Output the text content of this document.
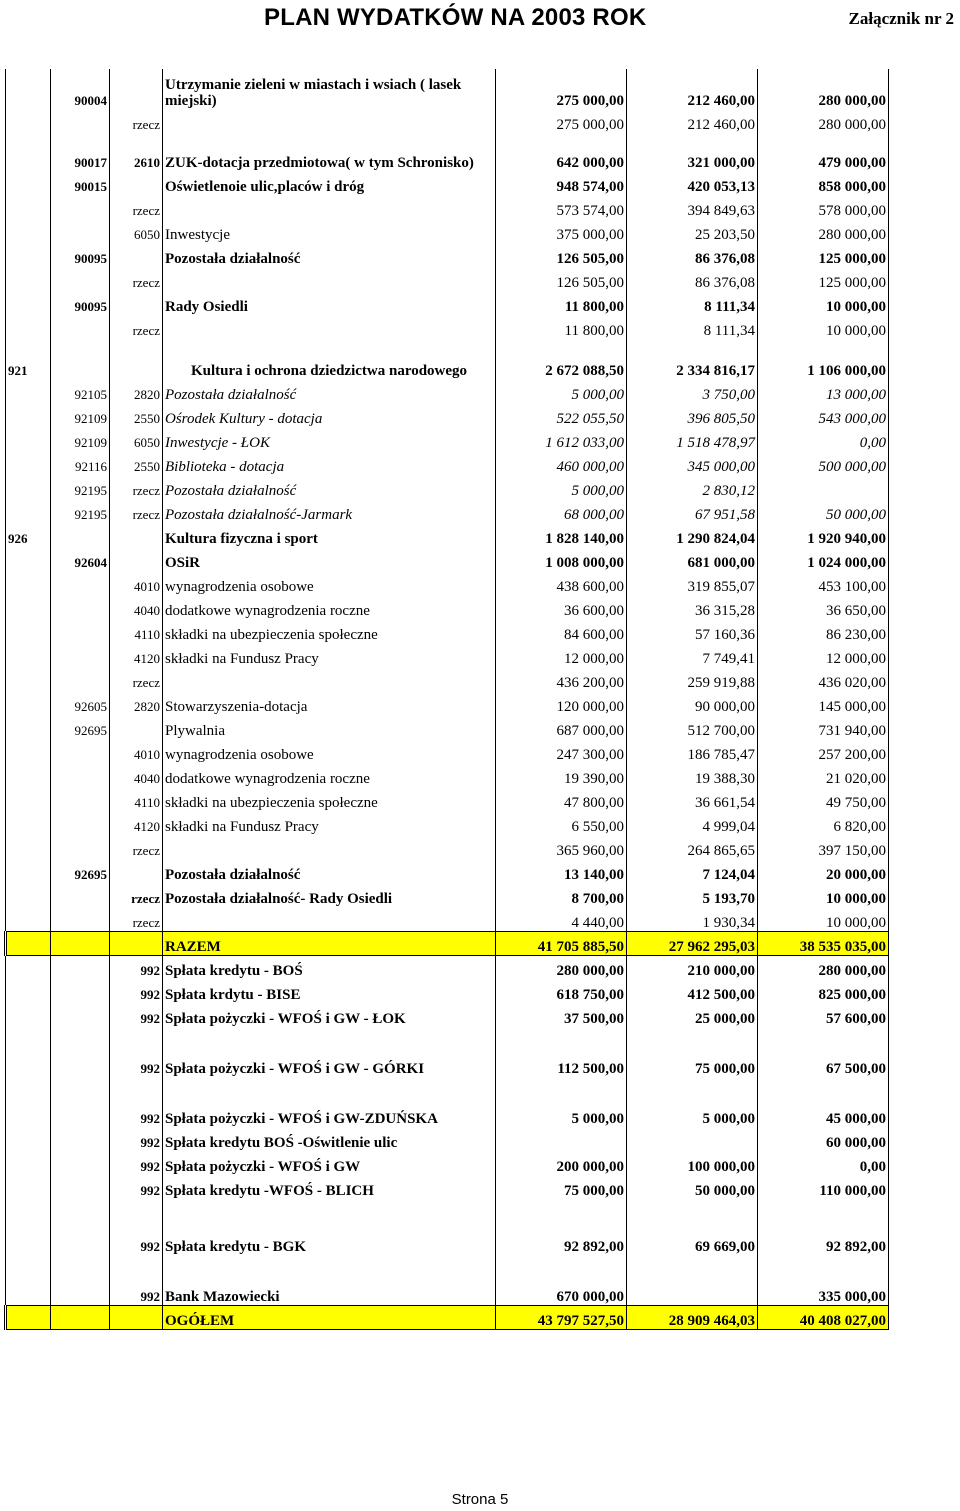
PLAN WYDATKÓW NA 2003 ROK	Załącznik nr 2
	90004		Utrzymanie zieleni w miastach i wsiach ( lasek miejski)	275 000,00	212 460,00	280 000,00
		rzecz		275 000,00	212 460,00	280 000,00
	90017	2610	ZUK-dotacja przedmiotowa( w tym Schronisko)	642 000,00	321 000,00	479 000,00
	90015		Oświetlenoie ulic,placów i dróg	948 574,00	420 053,13	858 000,00
		rzecz		573 574,00	394 849,63	578 000,00
		6050	Inwestycje	375 000,00	25 203,50	280 000,00
	90095		Pozostała działalność	126 505,00	86 376,08	125 000,00
		rzecz		126 505,00	86 376,08	125 000,00
	90095		Rady Osiedli	11 800,00	8 111,34	10 000,00
		rzecz		11 800,00	8 111,34	10 000,00
921			Kultura i ochrona dziedzictwa narodowego	2 672 088,50	2 334 816,17	1 106 000,00
	92105	2820	Pozostała działalność	5 000,00	3 750,00	13 000,00
	92109	2550	Ośrodek Kultury - dotacja	522 055,50	396 805,50	543 000,00
	92109	6050	Inwestycje - ŁOK	1 612 033,00	1 518 478,97	0,00
	92116	2550	Biblioteka - dotacja	460 000,00	345 000,00	500 000,00
	92195	rzecz	Pozostała działalność	5 000,00	2 830,12	
	92195	rzecz	Pozostała działalność-Jarmark	68 000,00	67 951,58	50 000,00
926			Kultura fizyczna i sport	1 828 140,00	1 290 824,04	1 920 940,00
	92604		OSiR	1 008 000,00	681 000,00	1 024 000,00
		4010	wynagrodzenia osobowe	438 600,00	319 855,07	453 100,00
		4040	dodatkowe wynagrodzenia roczne	36 600,00	36 315,28	36 650,00
		4110	składki na ubezpieczenia społeczne	84 600,00	57 160,36	86 230,00
		4120	składki na Fundusz Pracy	12 000,00	7 749,41	12 000,00
		rzecz		436 200,00	259 919,88	436 020,00
	92605	2820	Stowarzyszenia-dotacja	120 000,00	90 000,00	145 000,00
	92695		Plywalnia	687 000,00	512 700,00	731 940,00
		4010	wynagrodzenia osobowe	247 300,00	186 785,47	257 200,00
		4040	dodatkowe wynagrodzenia roczne	19 390,00	19 388,30	21 020,00
		4110	składki na ubezpieczenia społeczne	47 800,00	36 661,54	49 750,00
		4120	składki na Fundusz Pracy	6 550,00	4 999,04	6 820,00
		rzecz		365 960,00	264 865,65	397 150,00
	92695		Pozostała działalność	13 140,00	7 124,04	20 000,00
		rzecz	Pozostała działalność- Rady Osiedli	8 700,00	5 193,70	10 000,00
		rzecz		4 440,00	1 930,34	10 000,00
			RAZEM	41 705 885,50	27 962 295,03	38 535 035,00
		992	Spłata kredytu - BOŚ	280 000,00	210 000,00	280 000,00
		992	Spłata krdytu - BISE	618 750,00	412 500,00	825 000,00
		992	Spłata pożyczki - WFOŚ i GW - ŁOK	37 500,00	25 000,00	57 600,00
		992	Spłata pożyczki - WFOŚ i GW - GÓRKI	112 500,00	75 000,00	67 500,00
		992	Spłata pożyczki - WFOŚ i GW-ZDUŃSKA	5 000,00	5 000,00	45 000,00
		992	Spłata kredytu BOŚ -Oświtlenie ulic			60 000,00
		992	Spłata pożyczki - WFOŚ i GW	200 000,00	100 000,00	0,00
		992	Spłata kredytu -WFOŚ - BLICH	75 000,00	50 000,00	110 000,00
		992	Spłata kredytu - BGK	92 892,00	69 669,00	92 892,00
		992	Bank Mazowiecki	670 000,00		335 000,00
			OGÓŁEM	43 797 527,50	28 909 464,03	40 408 027,00
Strona 5
